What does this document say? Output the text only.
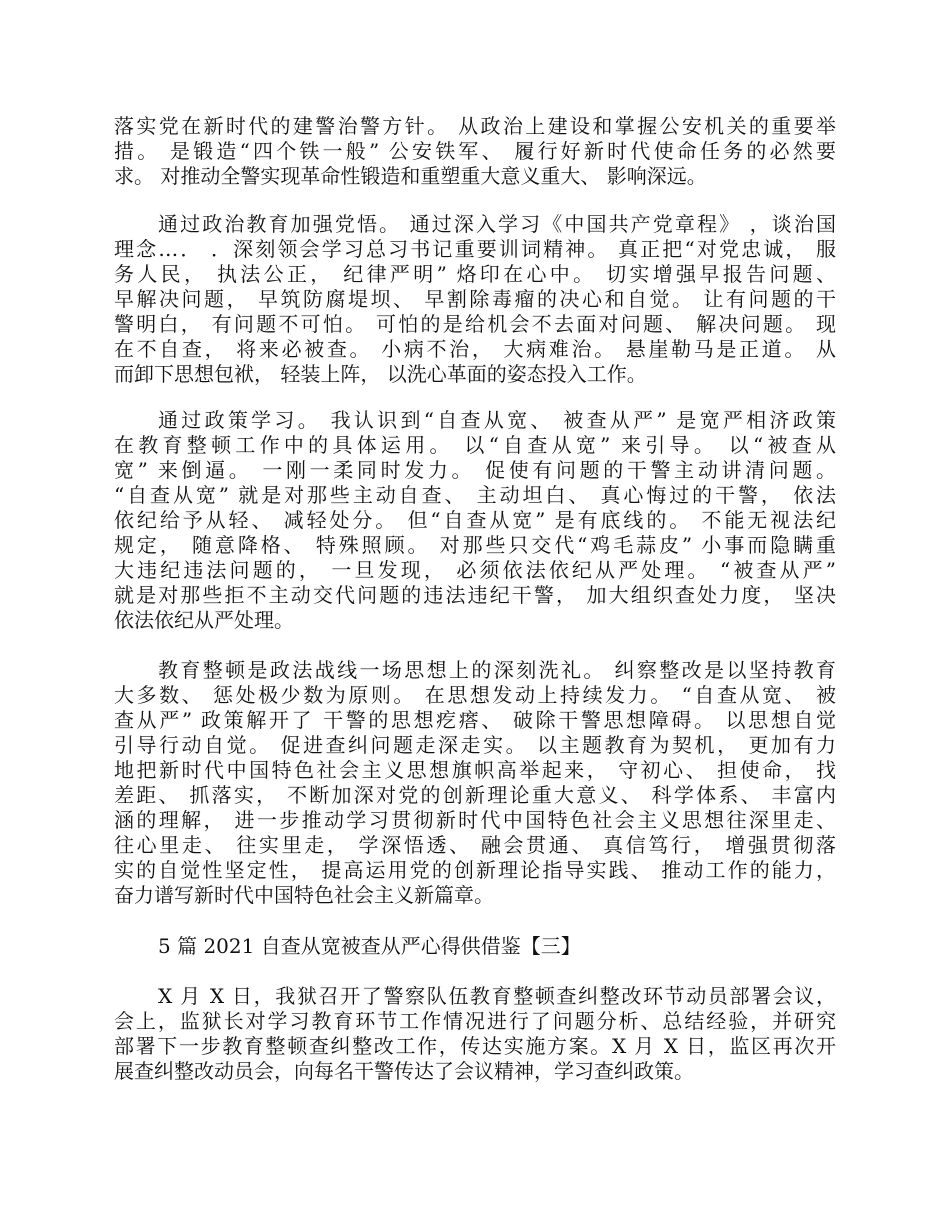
落实党在新时代的建警治警方针。 从政治上建设和掌握公安机关的重要举
措。 是锻造“四个铁一般” 公安铁军、 履行好新时代使命任务的必然要
求。 对推动全警实现革命性锻造和重塑重大意义重大、 影响深远。
通过政治教育加强党悟。 通过深入学习《中国共产党章程》 ，谈治国
理念…． ．深刻领会学习总习书记重要训词精神。 真正把“对党忠诚， 服
务人民， 执法公正， 纪律严明” 烙印在心中。 切实增强早报告问题、
早解决问题， 早筑防腐堤坝、 早割除毒瘤的决心和自觉。 让有问题的干
警明白， 有问题不可怕。 可怕的是给机会不去面对问题、 解决问题。 现
在不自查， 将来必被查。 小病不治， 大病难治。 悬崖勒马是正道。 从
而卸下思想包袱， 轻装上阵， 以洗心革面的姿态投入工作。
通过政策学习。 我认识到“自查从宽、 被查从严” 是宽严相济政策
在教育整顿工作中的具体运用。 以“自查从宽” 来引导。 以“被查从
宽” 来倒逼。 一刚一柔同时发力。 促使有问题的干警主动讲清问题。
“自查从宽” 就是对那些主动自查、 主动坦白、 真心悔过的干警， 依法
依纪给予从轻、 减轻处分。 但“自查从宽” 是有底线的。 不能无视法纪
规定， 随意降格、 特殊照顾。 对那些只交代“鸡毛蒜皮” 小事而隐瞒重
大违纪违法问题的， 一旦发现， 必须依法依纪从严处理。 “被查从严”
就是对那些拒不主动交代问题的违法违纪干警， 加大组织查处力度， 坚决
依法依纪从严处理。
教育整顿是政法战线一场思想上的深刻洗礼。 纠察整改是以坚持教育
大多数、 惩处极少数为原则。 在思想发动上持续发力。 “自查从宽、 被
查从严” 政策解开了 干警的思想疙瘩、 破除干警思想障碍。 以思想自觉
引导行动自觉。 促进查纠问题走深走实。 以主题教育为契机， 更加有力
地把新时代中国特色社会主义思想旗帜高举起来， 守初心、 担使命， 找
差距、 抓落实， 不断加深对党的创新理论重大意义、 科学体系、 丰富内
涵的理解， 进一步推动学习贯彻新时代中国特色社会主义思想往深里走、
往心里走、 往实里走， 学深悟透、 融会贯通、 真信笃行， 增强贯彻落
实的自觉性坚定性， 提高运用党的创新理论指导实践、 推动工作的能力，
奋力谱写新时代中国特色社会主义新篇章。

5 篇 2021 自查从宽被查从严心得供借鉴【三】

X 月 X 日，我狱召开了警察队伍教育整顿查纠整改环节动员部署会议，
会上，监狱长对学习教育环节工作情况进行了问题分析、总结经验，并研究
部署下一步教育整顿查纠整改工作，传达实施方案。X 月 X 日，监区再次开
展查纠整改动员会，向每名干警传达了会议精神，学习查纠政策。
